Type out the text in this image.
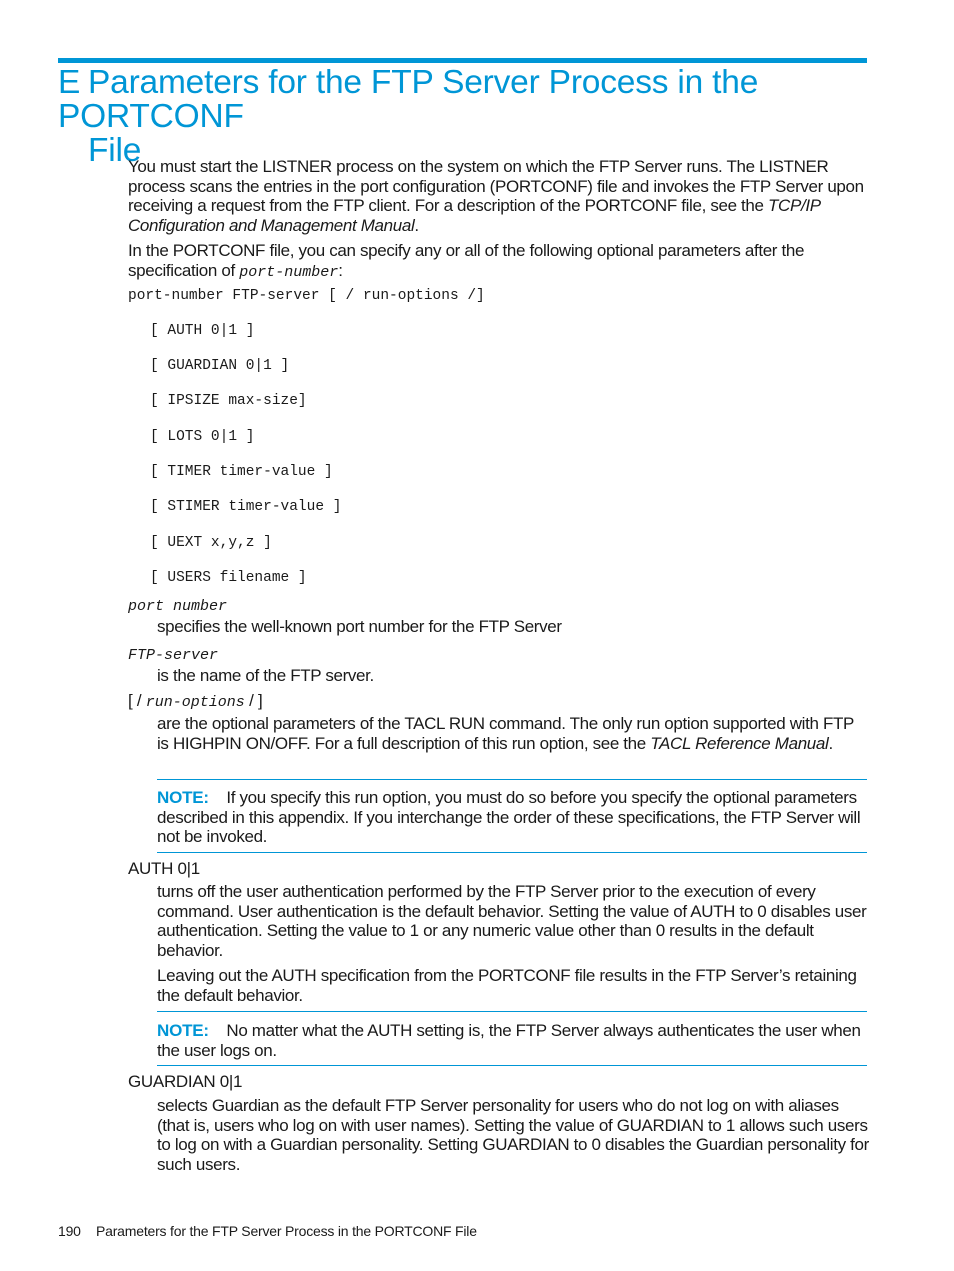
E Parameters for the FTP Server Process in the PORTCONF
File

You must start the LISTNER process on the system on which the FTP Server runs. The LISTNER process scans the entries in the port configuration (PORTCONF) file and invokes the FTP Server upon receiving a request from the FTP client. For a description of the PORTCONF file, see the TCP/IP Configuration and Management Manual.

In the PORTCONF file, you can specify any or all of the following optional parameters after the specification of port-number:

port-number FTP-server [ / run-options /]
[ AUTH 0|1 ]
[ GUARDIAN 0|1 ]
[ IPSIZE max-size]
[ LOTS 0|1 ]
[ TIMER timer-value ]
[ STIMER timer-value ]
[ UEXT x,y,z ]
[ USERS filename ]
port number

specifies the well-known port number for the FTP Server

FTP-server

is the name of the FTP server.

[ / run-options / ]

are the optional parameters of the TACL RUN command. The only run option supported with FTP is HIGHPIN ON/OFF. For a full description of this run option, see the TACL Reference Manual.

NOTE: If you specify this run option, you must do so before you specify the optional parameters described in this appendix. If you interchange the order of these specifications, the FTP Server will not be invoked.

AUTH 0|1

turns off the user authentication performed by the FTP Server prior to the execution of every command. User authentication is the default behavior. Setting the value of AUTH to 0 disables user authentication. Setting the value to 1 or any numeric value other than 0 results in the default behavior.

Leaving out the AUTH specification from the PORTCONF file results in the FTP Server’s retaining the default behavior.

NOTE: No matter what the AUTH setting is, the FTP Server always authenticates the user when the user logs on.

GUARDIAN 0|1

selects Guardian as the default FTP Server personality for users who do not log on with aliases (that is, users who log on with user names). Setting the value of GUARDIAN to 1 allows such users to log on with a Guardian personality. Setting GUARDIAN to 0 disables the Guardian personality for such users.

190 Parameters for the FTP Server Process in the PORTCONF File
